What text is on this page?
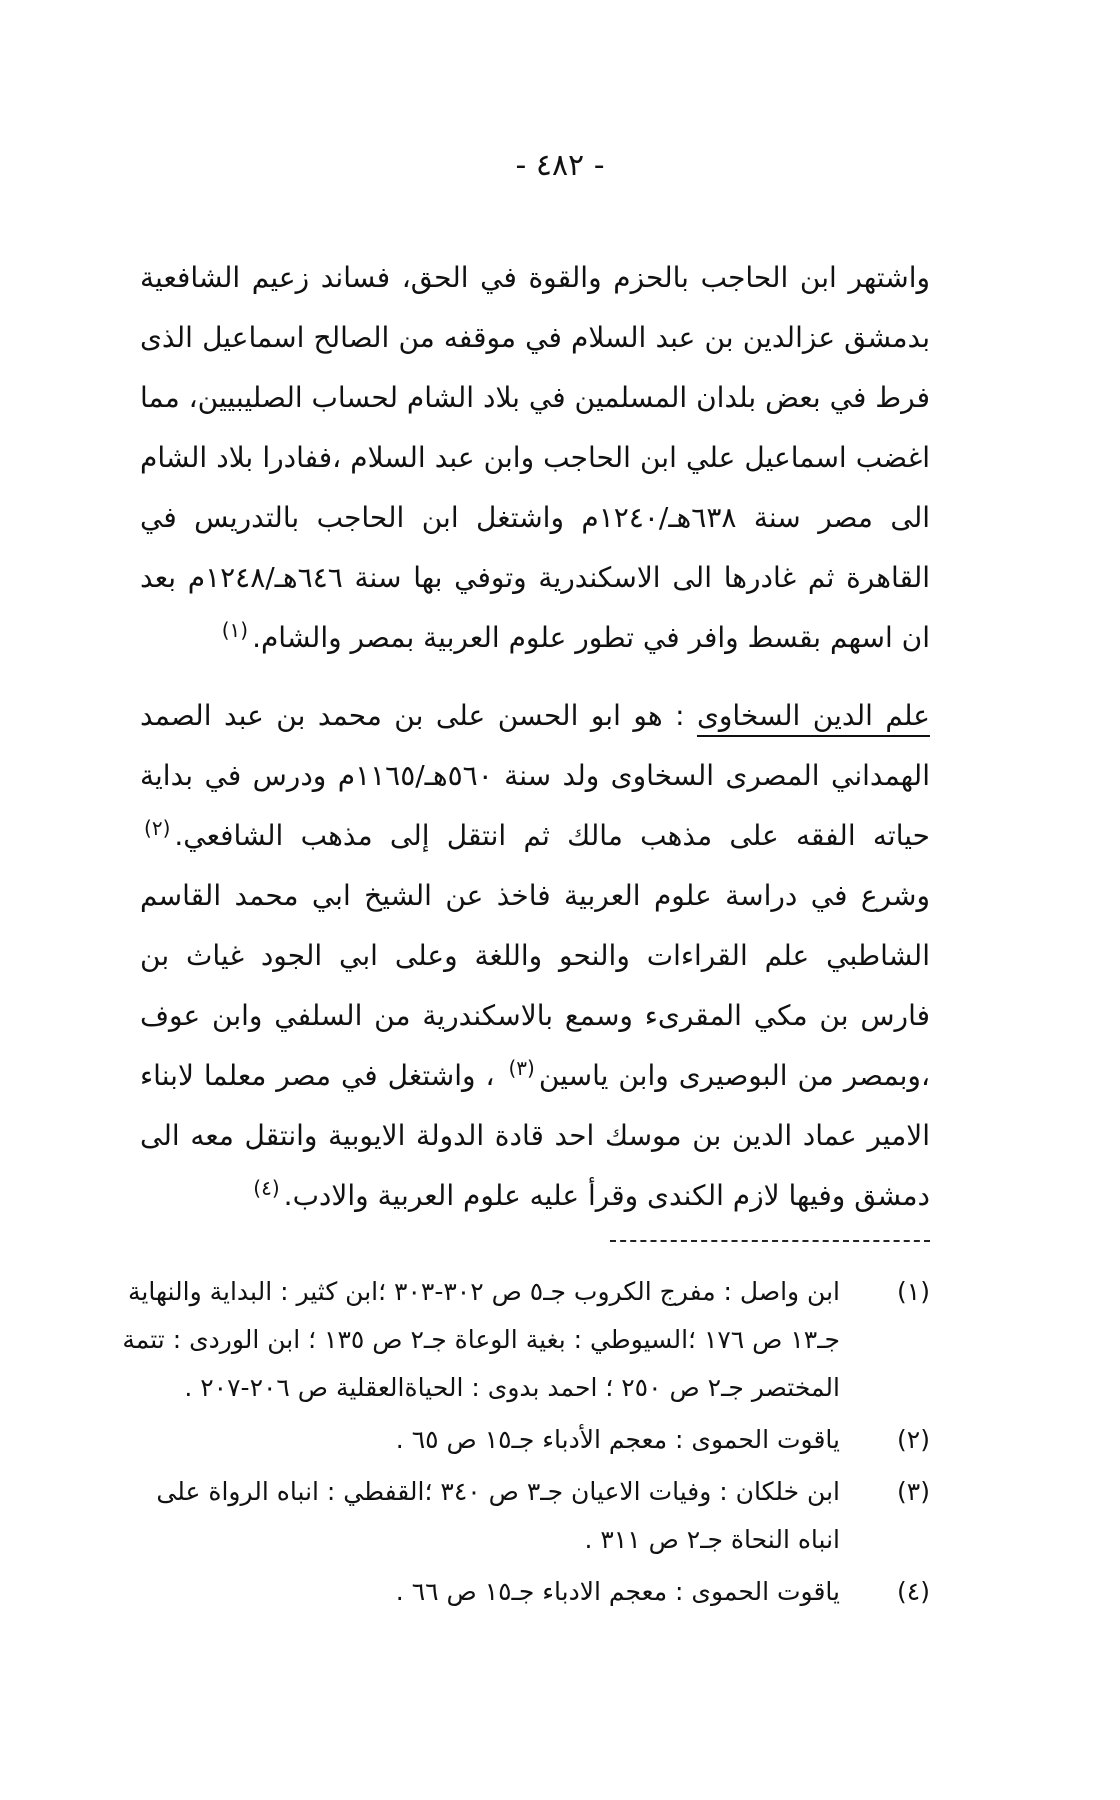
- ٤٨٢ -

واشتهر ابن الحاجب بالحزم والقوة في الحق، فساند زعيم الشافعية بدمشق عزالدين بن عبد السلام في موقفه من الصالح اسماعيل الذى فرط في بعض بلدان المسلمين في بلاد الشام لحساب الصليبيين، مما اغضب اسماعيل علي ابن الحاجب وابن عبد السلام ،ففادرا بلاد الشام الى مصر سنة ٦٣٨هـ/١٢٤٠م واشتغل ابن الحاجب بالتدريس في القاهرة ثم غادرها الى الاسكندرية وتوفي بها سنة ٦٤٦هـ/١٢٤٨م بعد ان اسهم بقسط وافر في تطور علوم العربية بمصر والشام.$^{(١)}$

علم الدين السخاوى : هو ابو الحسن على بن محمد بن عبد الصمد الهمداني المصرى السخاوى ولد سنة ٥٦٠هـ/١١٦٥م ودرس في بداية حياته الفقه على مذهب مالك ثم انتقل إلى مذهب الشافعي.$^{(٢)}$ وشرع في دراسة علوم العربية فاخذ عن الشيخ ابي محمد القاسم الشاطبي علم القراءات والنحو واللغة وعلى ابي الجود غياث بن فارس بن مكي المقرىء وسمع بالاسكندرية من السلفي وابن عوف ،وبمصر من البوصيرى وابن ياسين$^{(٣)}$ ، واشتغل في مصر معلما لابناء الامير عماد الدين بن موسك احد قادة الدولة الايوبية وانتقل معه الى دمشق وفيها لازم الكندى وقرأ عليه علوم العربية والادب.$^{(٤)}$

(١)
ابن واصل : مفرج الكروب جـ٥ ص ٣٠٢-٣٠٣ ؛ابن كثير : البداية والنهاية جـ١٣ ص ١٧٦ ؛السيوطي : بغية الوعاة جـ٢ ص ١٣٥ ؛ ابن الوردى : تتمة المختصر جـ٢ ص ٢٥٠ ؛ احمد بدوى : الحياةالعقلية ص ٢٠٦-٢٠٧ .
(٢)
ياقوت الحموى : معجم الأدباء جـ١٥ ص ٦٥ .
(٣)
ابن خلكان : وفيات الاعيان جـ٣ ص ٣٤٠ ؛القفطي : انباه الرواة على انباه النحاة جـ٢ ص ٣١١ .
(٤)
ياقوت الحموى : معجم الادباء جـ١٥ ص ٦٦ .
